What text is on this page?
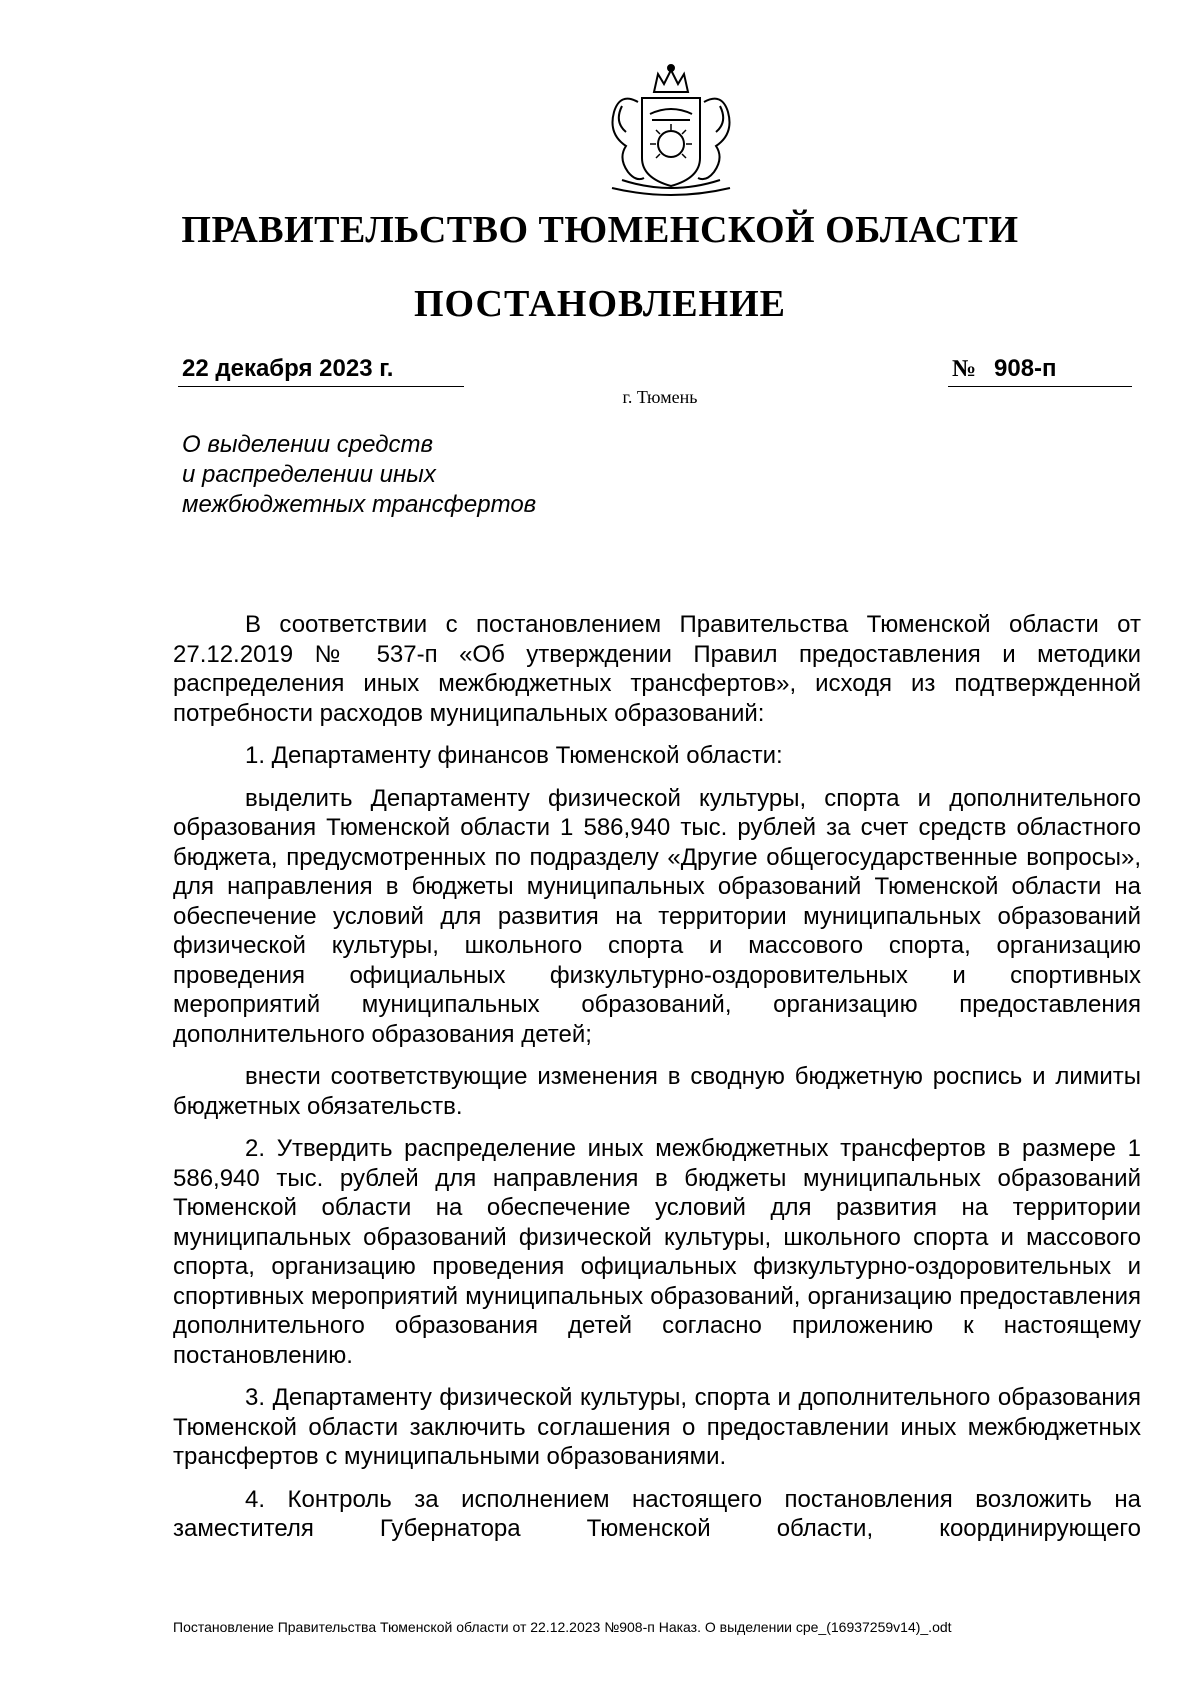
ПРАВИТЕЛЬСТВО ТЮМЕНСКОЙ ОБЛАСТИ
ПОСТАНОВЛЕНИЕ
22 декабря 2023 г.	№ 908-п
г. Тюмень

О выделении средств
и распределении иных
межбюджетных трансфертов

В соответствии с постановлением Правительства Тюменской области от 27.12.2019 № 537-п «Об утверждении Правил предоставления и методики распределения иных межбюджетных трансфертов», исходя из подтвержденной потребности расходов муниципальных образований:

1. Департаменту финансов Тюменской области:

выделить Департаменту физической культуры, спорта и дополнительного образования Тюменской области 1 586,940 тыс. рублей за счет средств областного бюджета, предусмотренных по подразделу «Другие общегосударственные вопросы», для направления в бюджеты муниципальных образований Тюменской области на обеспечение условий для развития на территории муниципальных образований физической культуры, школьного спорта и массового спорта, организацию проведения официальных физкультурно-оздоровительных и спортивных мероприятий муниципальных образований, организацию предоставления дополнительного образования детей;

внести соответствующие изменения в сводную бюджетную роспись и лимиты бюджетных обязательств.

2. Утвердить распределение иных межбюджетных трансфертов в размере 1 586,940 тыс. рублей для направления в бюджеты муниципальных образований Тюменской области на обеспечение условий для развития на территории муниципальных образований физической культуры, школьного спорта и массового спорта, организацию проведения официальных физкультурно-оздоровительных и спортивных мероприятий муниципальных образований, организацию предоставления дополнительного образования детей согласно приложению к настоящему постановлению.

3. Департаменту физической культуры, спорта и дополнительного образования Тюменской области заключить соглашения о предоставлении иных межбюджетных трансфертов с муниципальными образованиями.

4. Контроль за исполнением настоящего постановления возложить на заместителя Губернатора Тюменской области, координирующего

Постановление Правительства Тюменской области от 22.12.2023 №908-п Наказ. О выделении сре_(16937259v14)_.odt
